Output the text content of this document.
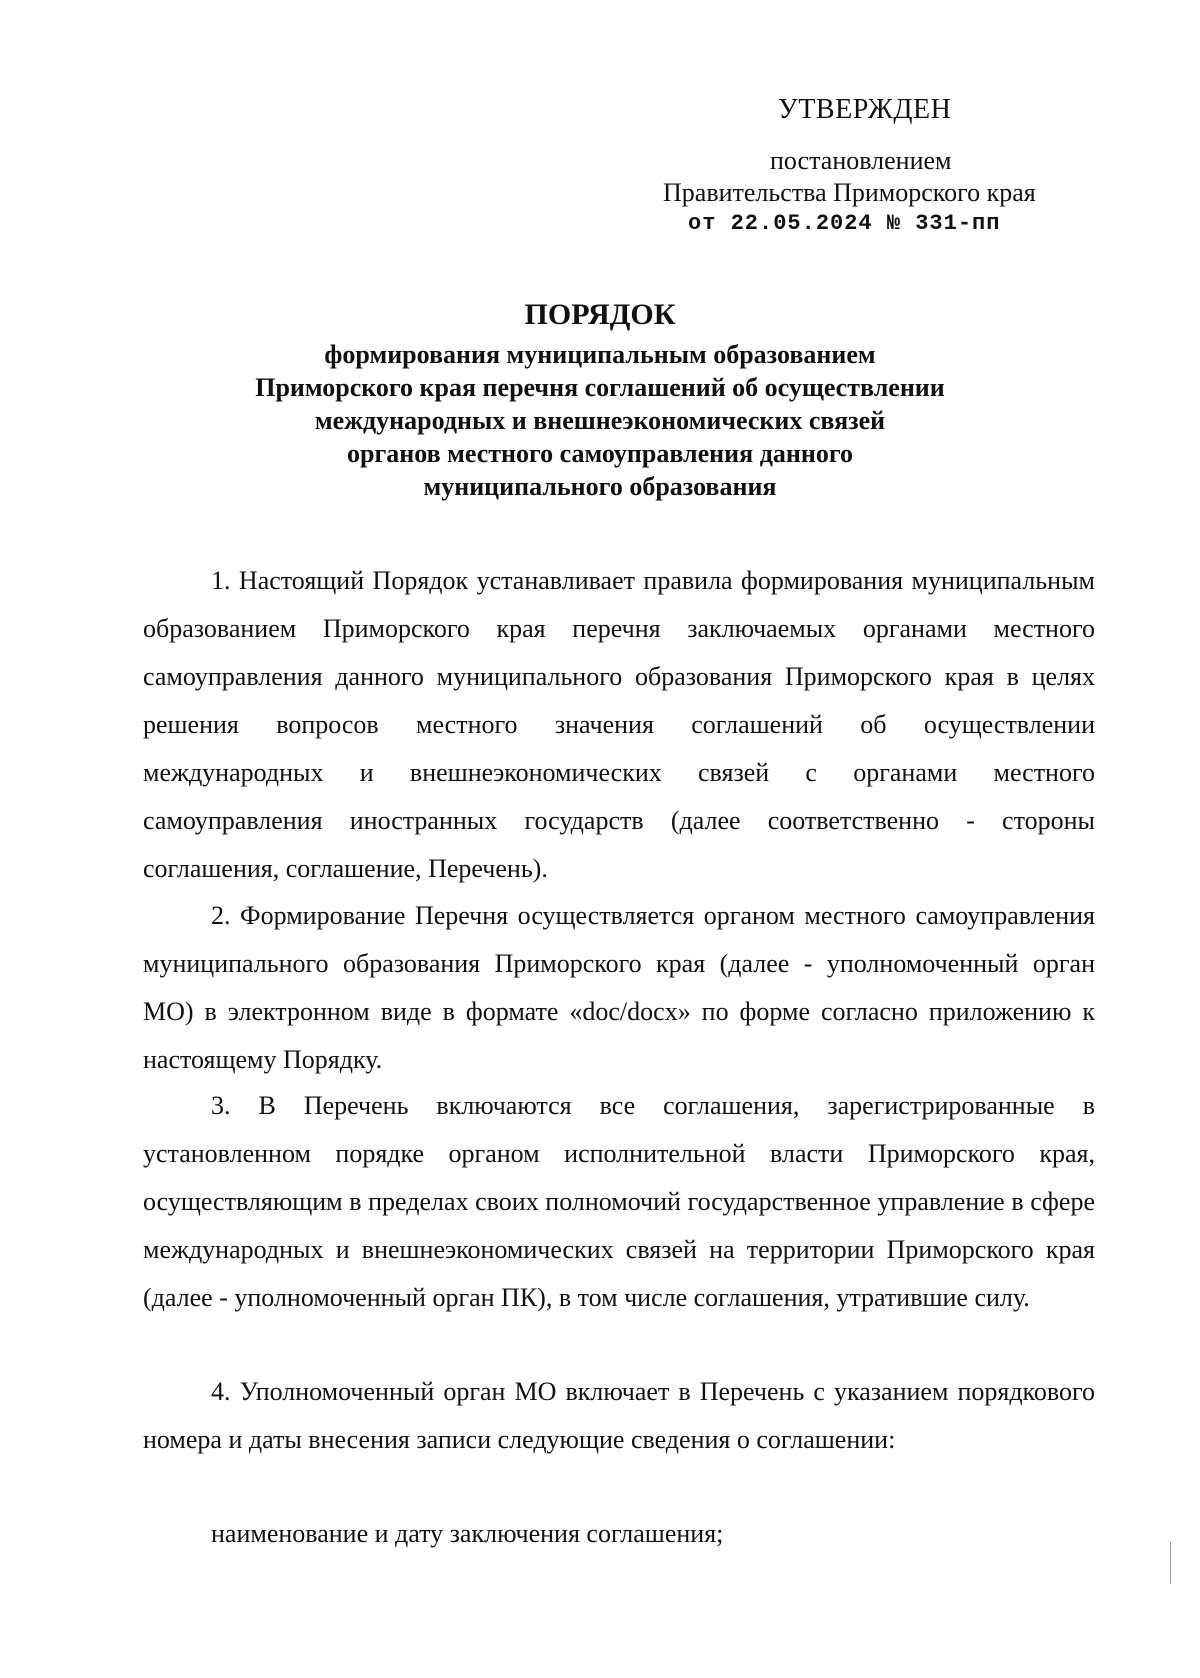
УТВЕРЖДЕН
постановлением
Правительства Приморского края
от 22.05.2024 № 331-пп
ПОРЯДОК
формирования муниципальным образованием
Приморского края перечня соглашений об осуществлении
международных и внешнеэкономических связей
органов местного самоуправления данного
муниципального образования

1. Настоящий Порядок устанавливает правила формирования муниципальным образованием Приморского края перечня заключаемых органами местного самоуправления данного муниципального образования Приморского края в целях решения вопросов местного значения соглашений об осуществлении международных и внешнеэкономических связей с органами местного самоуправления иностранных государств (далее соответственно - стороны соглашения, соглашение, Перечень).

2. Формирование Перечня осуществляется органом местного самоуправления муниципального образования Приморского края (далее - уполномоченный орган МО) в электронном виде в формате «doc/docx» по форме согласно приложению к настоящему Порядку.

3. В Перечень включаются все соглашения, зарегистрированные в установленном порядке органом исполнительной власти Приморского края, осуществляющим в пределах своих полномочий государственное управление в сфере международных и внешнеэкономических связей на территории Приморского края (далее - уполномоченный орган ПК), в том числе соглашения, утратившие силу.

4. Уполномоченный орган МО включает в Перечень с указанием порядкового номера и даты внесения записи следующие сведения о соглашении:

наименование и дату заключения соглашения;
